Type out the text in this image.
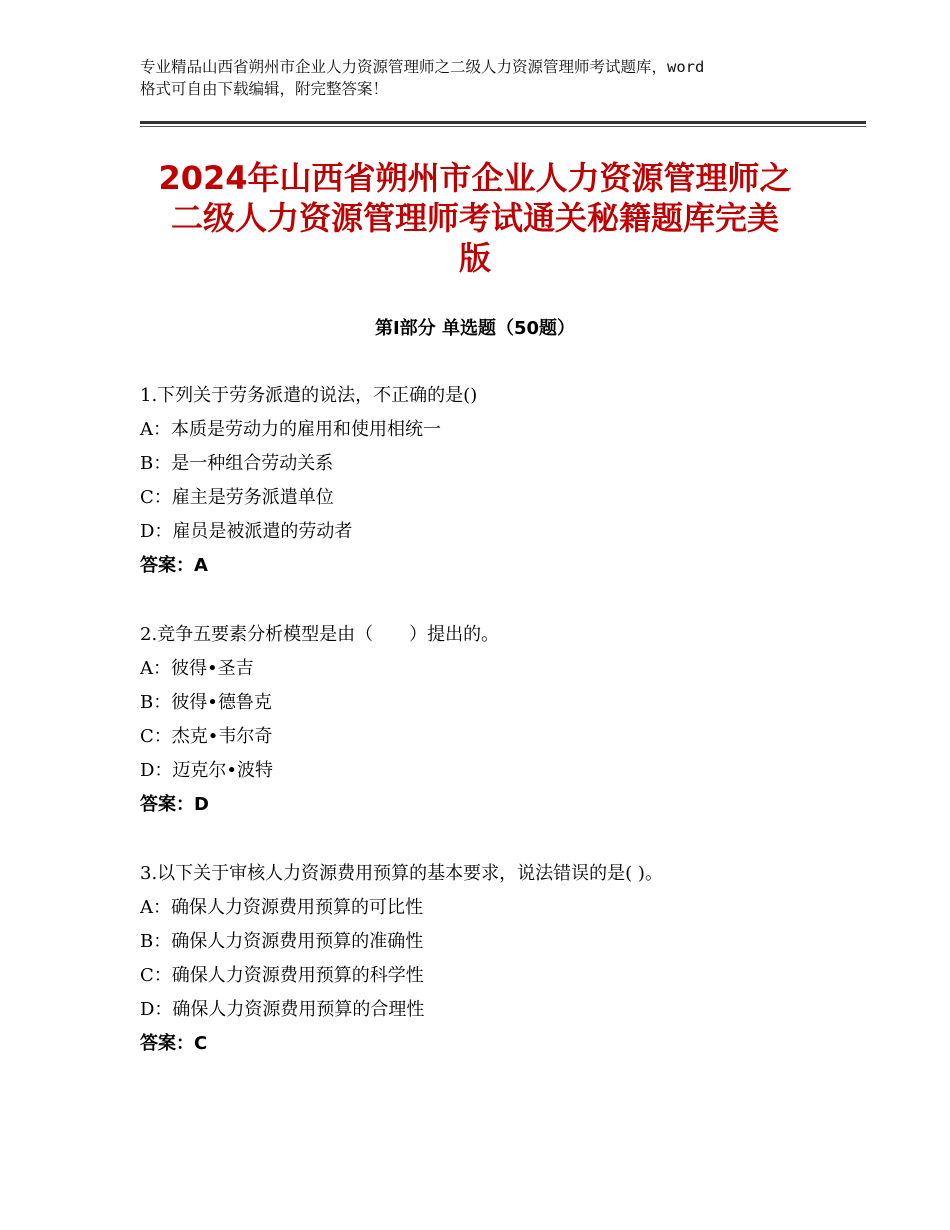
专业精品山西省朔州市企业人力资源管理师之二级人力资源管理师考试题库，word
格式可自由下载编辑，附完整答案！
2024年山西省朔州市企业人力资源管理师之
二级人力资源管理师考试通关秘籍题库完美
版
第Ⅰ部分 单选题（50题）
1.下列关于劳务派遣的说法，不正确的是()
A：本质是劳动力的雇用和使用相统一
B：是一种组合劳动关系
C：雇主是劳务派遣单位
D：雇员是被派遣的劳动者
答案：A
2.竞争五要素分析模型是由（　　）提出的。
A：彼得•圣吉
B：彼得•德鲁克
C：杰克•韦尔奇
D：迈克尔•波特
答案：D
3.以下关于审核人力资源费用预算的基本要求，说法错误的是( )。
A：确保人力资源费用预算的可比性
B：确保人力资源费用预算的准确性
C：确保人力资源费用预算的科学性
D：确保人力资源费用预算的合理性
答案：C
